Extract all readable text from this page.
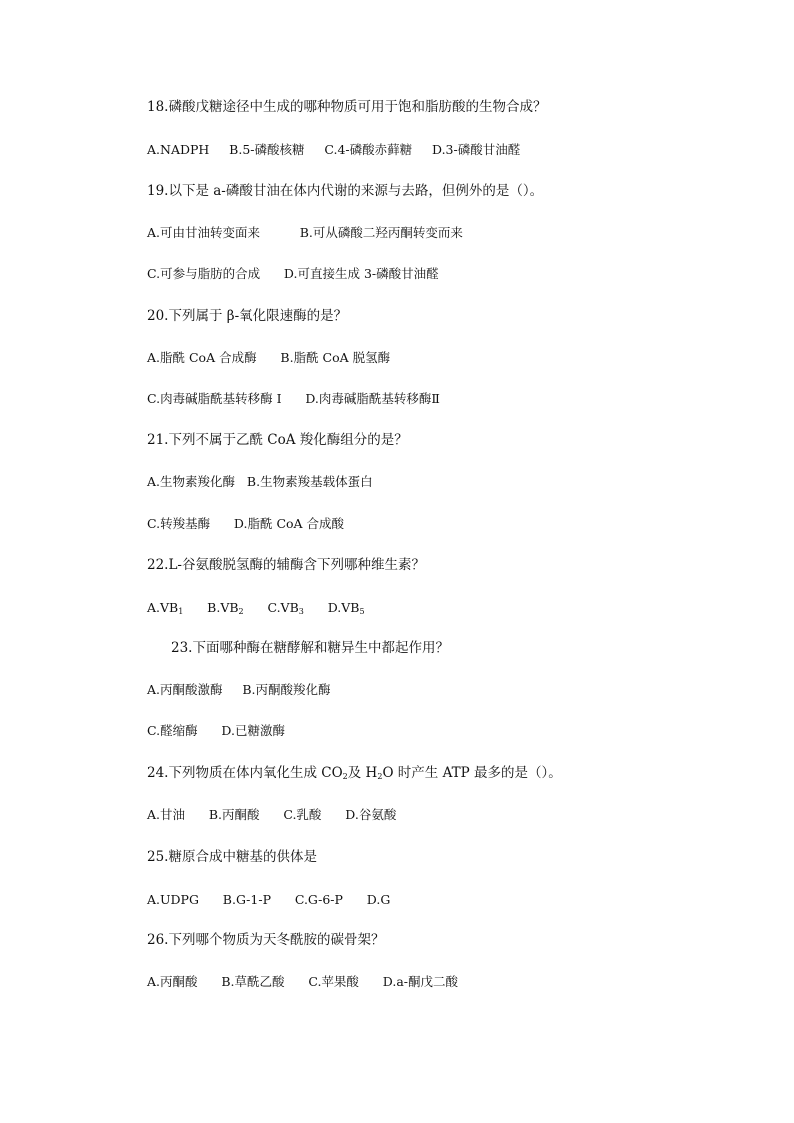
18.磷酸戊糖途径中生成的哪种物质可用于饱和脂肪酸的生物合成？
A.NADPH     B.5-磷酸核糖     C.4-磷酸赤藓糖     D.3-磷酸甘油醛
19.以下是 a-磷酸甘油在体内代谢的来源与去路，但例外的是（）。
A.可由甘油转变面来          B.可从磷酸二羟丙酮转变而来
C.可参与脂肪的合成      D.可直接生成 3-磷酸甘油醛
20.下列属于 β-氧化限速酶的是？
A.脂酰 CoA 合成酶      B.脂酰 CoA 脱氢酶
C.肉毒碱脂酰基转移酶 I      D.肉毒碱脂酰基转移酶Ⅱ
21.下列不属于乙酰 CoA 羧化酶组分的是？
A.生物素羧化酶   B.生物素羧基载体蛋白
C.转羧基酶      D.脂酰 CoA 合成酸
22.L-谷氨酸脱氢酶的辅酶含下列哪种维生素？
$A.VB_1$ $B.VB_2$ $C.VB_3$ $D.VB_5$
23.下面哪种酶在糖酵解和糖异生中都起作用？
A.丙酮酸激酶     B.丙酮酸羧化酶
C.醛缩酶      D.已糖激酶
24.下列物质在体内氧化生成 $CO_2$及 $H_2O$ 时产生 ATP 最多的是（）。
A.甘油      B.丙酮酸      C.乳酸      D.谷氨酸
25.糖原合成中糖基的供体是
A.UDPG      B.G-1-P      C.G-6-P      D.G
26.下列哪个物质为天冬酰胺的碳骨架？
A.丙酮酸      B.草酰乙酸      C.苹果酸      D.a-酮戊二酸
